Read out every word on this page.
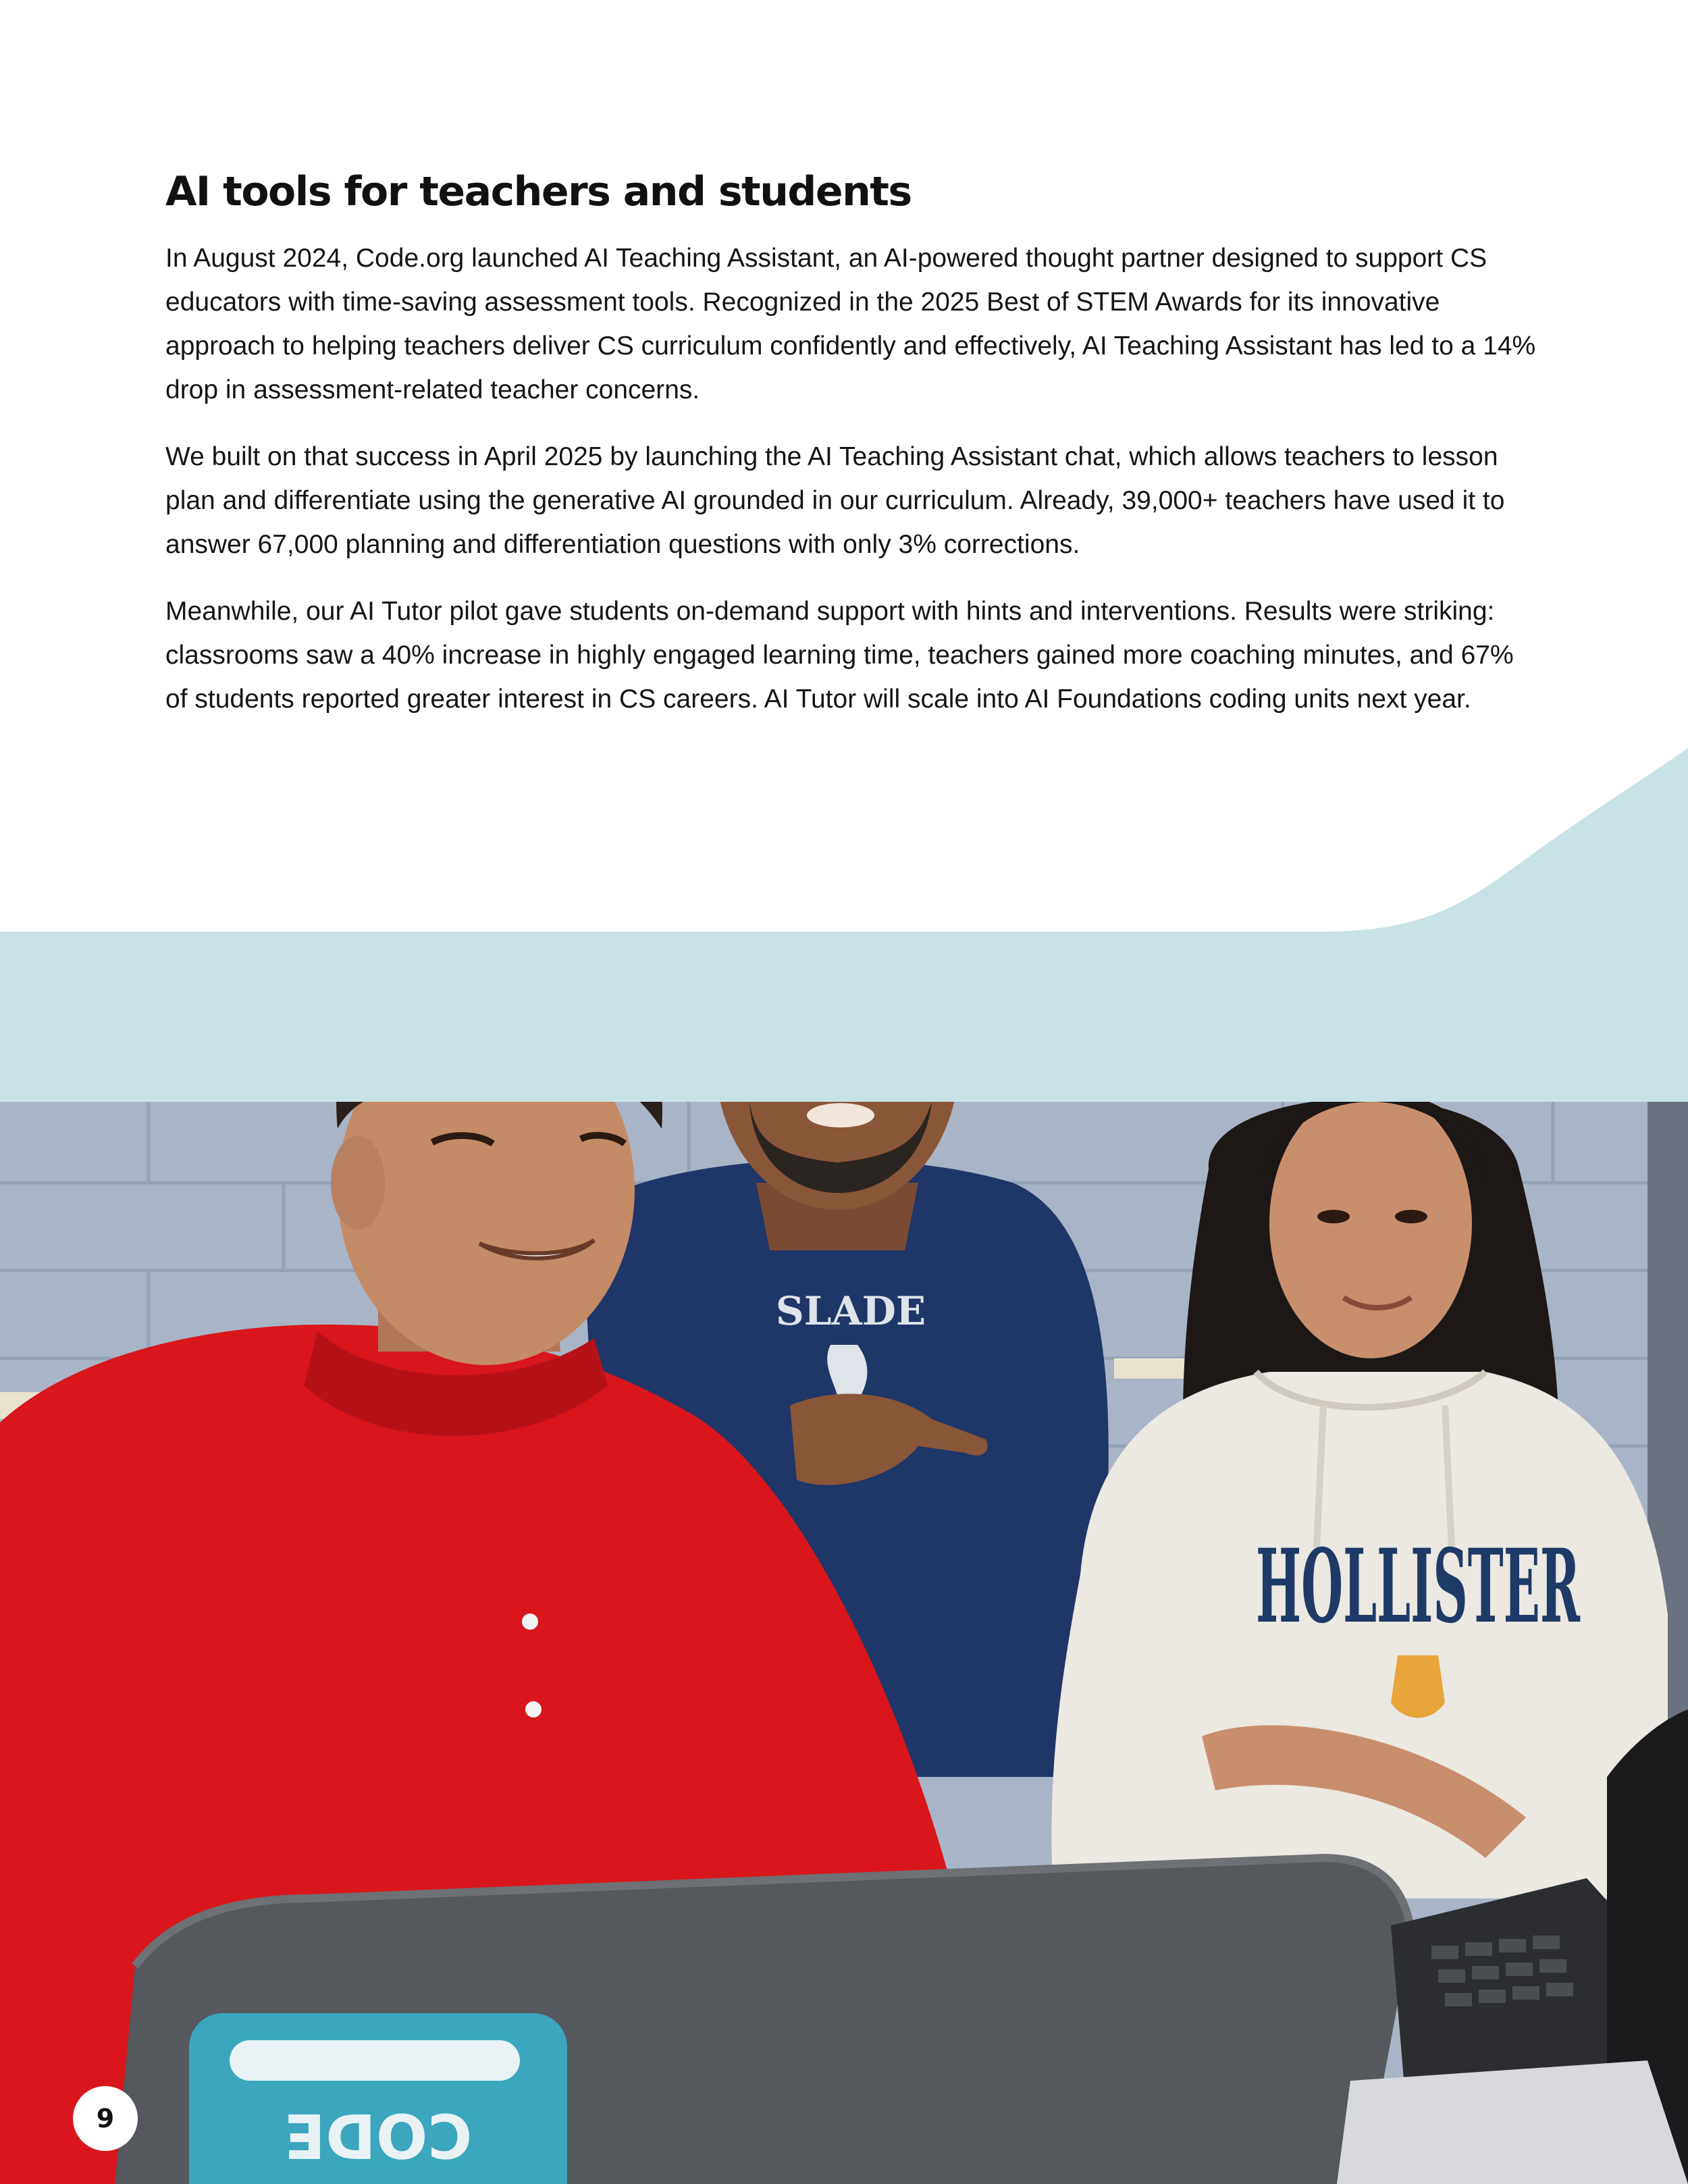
AI tools for teachers and students

In August 2024, Code.org launched AI Teaching Assistant, an AI-powered thought partner designed to support CS educators with time-saving assessment tools. Recognized in the 2025 Best of STEM Awards for its innovative approach to helping teachers deliver CS curriculum confidently and effectively, AI Teaching Assistant has led to a 14% drop in assessment-related teacher concerns.

We built on that success in April 2025 by launching the AI Teaching Assistant chat, which allows teachers to lesson plan and differentiate using the generative AI grounded in our curriculum. Already, 39,000+ teachers have used it to answer 67,000 planning and differentiation questions with only 3% corrections.

Meanwhile, our AI Tutor pilot gave students on-demand support with hints and interventions. Results were striking: classrooms saw a 40% increase in highly engaged learning time, teachers gained more coaching minutes, and 67% of students reported greater interest in CS careers. AI Tutor will scale into AI Foundations coding units next year.

SLADE
HOLLISTER
CODE
9
